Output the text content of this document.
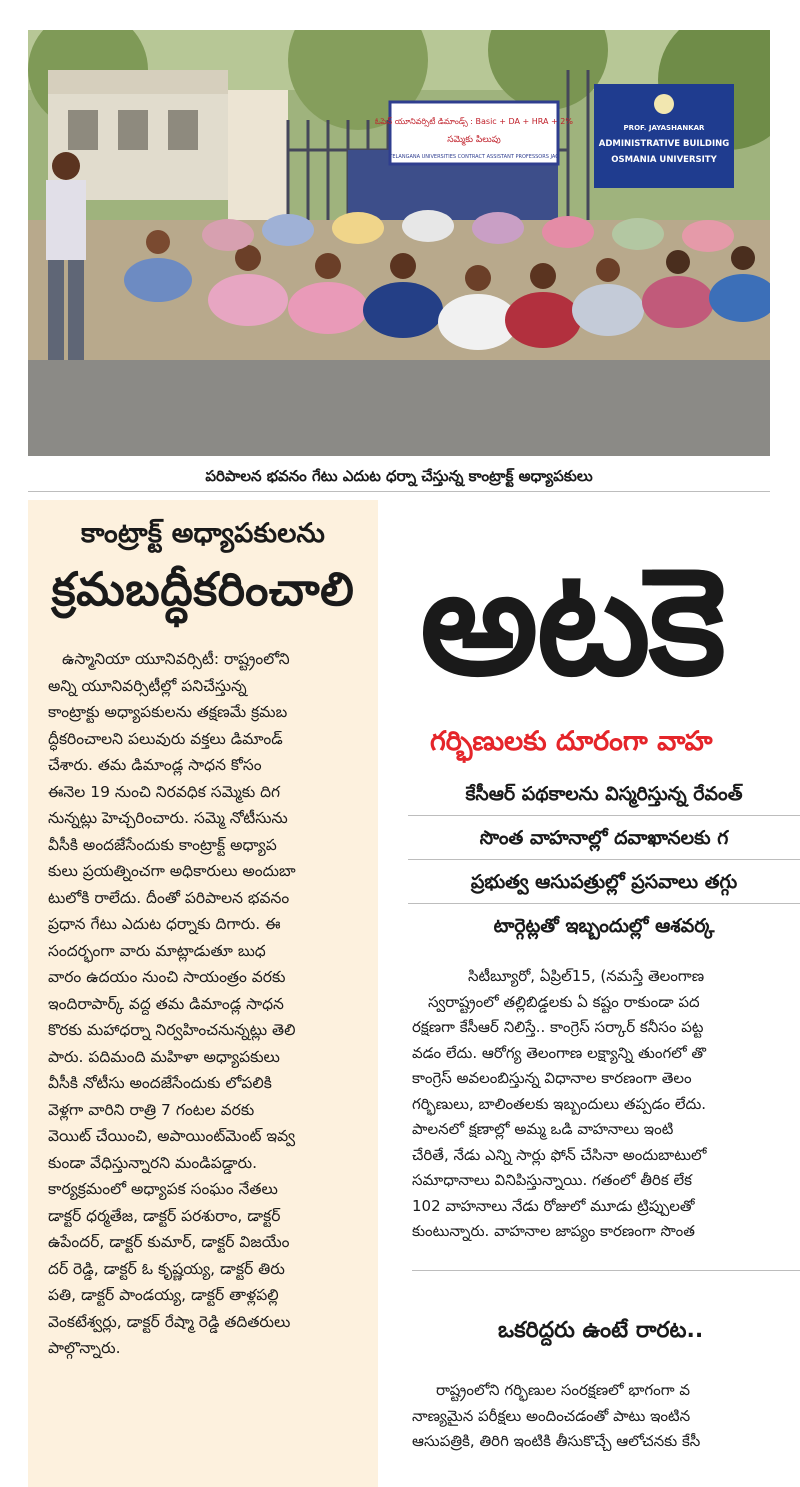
ఓపెన్ యూనివర్సిటీ డిమాండ్స్ : Basic + DA + HRA + 2%
సమ్మెకు పిలుపు
TELANGANA UNIVERSITIES CONTRACT ASSISTANT PROFESSORS JAC
PROF. JAYASHANKAR
ADMINISTRATIVE BUILDING
OSMANIA UNIVERSITY
పరిపాలన భవనం గేటు ఎదుట ధర్నా చేస్తున్న కాంట్రాక్ట్ అధ్యాపకులు
కాంట్రాక్ట్ అధ్యాపకులను
క్రమబద్ధీకరించాలి

ఉస్మానియా యూనివర్సిటీ: రాష్ట్రంలోని

అన్ని యూనివర్సిటీల్లో పనిచేస్తున్న

కాంట్రాక్టు అధ్యాపకులను తక్షణమే క్రమబ

ద్ధీకరించాలని పలువురు వక్తలు డిమాండ్

చేశారు. తమ డిమాండ్ల సాధన కోసం

ఈనెల 19 నుంచి నిరవధిక సమ్మెకు దిగ

నున్నట్లు హెచ్చరించారు. సమ్మె నోటీసును

వీసీకి అందజేసేందుకు కాంట్రాక్ట్ అధ్యాప

కులు ప్రయత్నించగా అధికారులు అందుబా

టులోకి రాలేదు. దీంతో పరిపాలన భవనం

ప్రధాన గేటు ఎదుట ధర్నాకు దిగారు. ఈ

సందర్భంగా వారు మాట్లాడుతూ బుధ

వారం ఉదయం నుంచి సాయంత్రం వరకు

ఇందిరాపార్క్ వద్ద తమ డిమాండ్ల సాధన

కొరకు మహాధర్నా నిర్వహించనున్నట్లు తెలి

పారు. పదిమంది మహిళా అధ్యాపకులు

వీసీకి నోటీసు అందజేసేందుకు లోపలికి

వెళ్లగా వారిని రాత్రి 7 గంటల వరకు

వెయిట్ చేయించి, అపాయింట్‌మెంట్ ఇవ్వ

కుండా వేధిస్తున్నారని మండిపడ్డారు.

కార్యక్రమంలో అధ్యాపక సంఘం నేతలు

డాక్టర్ ధర్మతేజ, డాక్టర్ పరశురాం, డాక్టర్

ఉపేందర్, డాక్టర్ కుమార్, డాక్టర్ విజయేం

దర్ రెడ్డి, డాక్టర్ ఓ కృష్ణయ్య, డాక్టర్ తిరు

పతి, డాక్టర్ పాండయ్య, డాక్టర్ తాళ్లపల్లి

వెంకటేశ్వర్లు, డాక్టర్ రేష్మా రెడ్డి తదితరులు

పాల్గొన్నారు.

అటకెె
గర్భిణులకు దూరంగా వాహ
కేసీఆర్ పథకాలను విస్మరిస్తున్న రేవంత్
సొంత వాహనాల్లో దవాఖానలకు గ
ప్రభుత్వ ఆసుపత్రుల్లో ప్రసవాలు తగ్గు
టార్గెట్లతో ఇబ్బందుల్లో ఆశవర్క

సిటీబ్యూరో, ఏప్రిల్15, (నమస్తే తెలంగాణ

స్వరాష్ట్రంలో తల్లిబిడ్డలకు ఏ కష్టం రాకుండా పద

రక్షణగా కేసీఆర్ నిలిస్తే.. కాంగ్రెస్ సర్కార్ కనీసం పట్ట

వడం లేదు. ఆరోగ్య తెలంగాణ లక్ష్యాన్ని తుంగలో తొ

కాంగ్రెస్ అవలంబిస్తున్న విధానాల కారణంగా తెలం

గర్భిణులు, బాలింతలకు ఇబ్బందులు తప్పడం లేదు.

పాలనలో క్షణాల్లో అమ్మ ఒడి వాహనాలు ఇంటి

చేరితే, నేడు ఎన్ని సార్లు ఫోన్ చేసినా అందుబాటులో

సమాధానాలు వినిపిస్తున్నాయి. గతంలో తీరిక లేక

102 వాహనాలు నేడు రోజులో మూడు ట్రిప్పులతో

కుంటున్నారు. వాహనాల జాప్యం కారణంగా సొంత

ఒకరిద్దరు ఉంటే రారట..

రాష్ట్రంలోని గర్భిణుల సంరక్షణలో భాగంగా వ

నాణ్యమైన పరీక్షలు అందించడంతో పాటు ఇంటిన

ఆసుపత్రికి, తిరిగి ఇంటికి తీసుకొచ్చే ఆలోచనకు కేసీ
